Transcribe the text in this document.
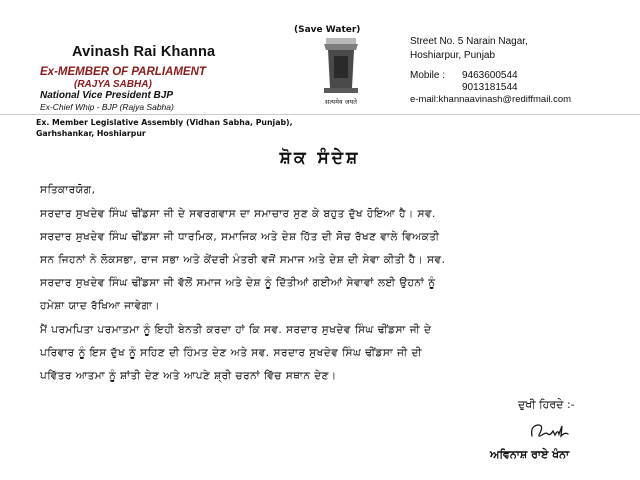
Avinash Rai Khanna
Ex-MEMBER OF PARLIAMENT
(RAJYA SABHA)
National Vice President BJP
Ex-Chief Whip - BJP (Rajya Sabha)
Ex. Member Legislative Assembly (Vidhan Sabha, Punjab),
Garhshankar, Hoshiarpur
(Save Water)
सत्यमेव जयते
Street No. 5 Narain Nagar,
Hoshiarpur, Punjab
Mobile : 9463600544
9013181544
e-mail:khannaavinash@rediffmail.com
ਸ਼ੋਕ ਸੰਦੇਸ਼
ਸਤਿਕਾਰਯੋਗ,
ਸਰਦਾਰ ਸੁਖਦੇਵ ਸਿੰਘ ਢੀਂਡਸਾ ਜੀ ਦੇ ਸਵਰਗਵਾਸ ਦਾ ਸਮਾਚਾਰ ਸੁਣ ਕੇ ਬਹੁਤ ਦੁੱਖ ਹੋਇਆ ਹੈ। ਸਵ.
ਸਰਦਾਰ ਸੁਖਦੇਵ ਸਿੰਘ ਢੀਂਡਸਾ ਜੀ ਧਾਰਮਿਕ, ਸਮਾਜਿਕ ਅਤੇ ਦੇਸ਼ ਹਿੱਤ ਦੀ ਸੋਚ ਰੱਖਣ ਵਾਲੇ ਵਿਅਕਤੀ
ਸਨ ਜਿਹਨਾਂ ਨੇ ਲੋਕਸਭਾ, ਰਾਜ ਸਭਾ ਅਤੇ ਕੇਂਦਰੀ ਮੰਤਰੀ ਵਜੋਂ ਸਮਾਜ ਅਤੇ ਦੇਸ਼ ਦੀ ਸੇਵਾ ਕੀਤੀ ਹੈ। ਸਵ.
ਸਰਦਾਰ ਸੁਖਦੇਵ ਸਿੰਘ ਢੀਂਡਸਾ ਜੀ ਵੱਲੋਂ ਸਮਾਜ ਅਤੇ ਦੇਸ਼ ਨੂੰ ਦਿੱਤੀਆਂ ਗਈਆਂ ਸੇਵਾਵਾਂ ਲਈ ਉਹਨਾਂ ਨੂੰ
ਹਮੇਸ਼ਾ ਯਾਦ ਰੱਖਿਆ ਜਾਵੇਗਾ।
ਮੈਂ ਪਰਮਪਿਤਾ ਪਰਮਾਤਮਾ ਨੂੰ ਇਹੀ ਬੇਨਤੀ ਕਰਦਾ ਹਾਂ ਕਿ ਸਵ. ਸਰਦਾਰ ਸੁਖਦੇਵ ਸਿੰਘ ਢੀਂਡਸਾ ਜੀ ਦੇ
ਪਰਿਵਾਰ ਨੂੰ ਇਸ ਦੁੱਖ ਨੂੰ ਸਹਿਣ ਦੀ ਹਿੰਮਤ ਦੇਣ ਅਤੇ ਸਵ. ਸਰਦਾਰ ਸੁਖਦੇਵ ਸਿੰਘ ਢੀਂਡਸਾ ਜੀ ਦੀ
ਪਵਿੱਤਰ ਆਤਮਾ ਨੂੰ ਸ਼ਾਂਤੀ ਦੇਣ ਅਤੇ ਆਪਣੇ ਸ਼੍ਰੀ ਚਰਨਾਂ ਵਿੱਚ ਸਥਾਨ ਦੇਣ।
ਦੁਖੀ ਹਿਰਦੇ :-
ਅਵਿਨਾਸ਼ ਰਾਏ ਖੰਨਾ
